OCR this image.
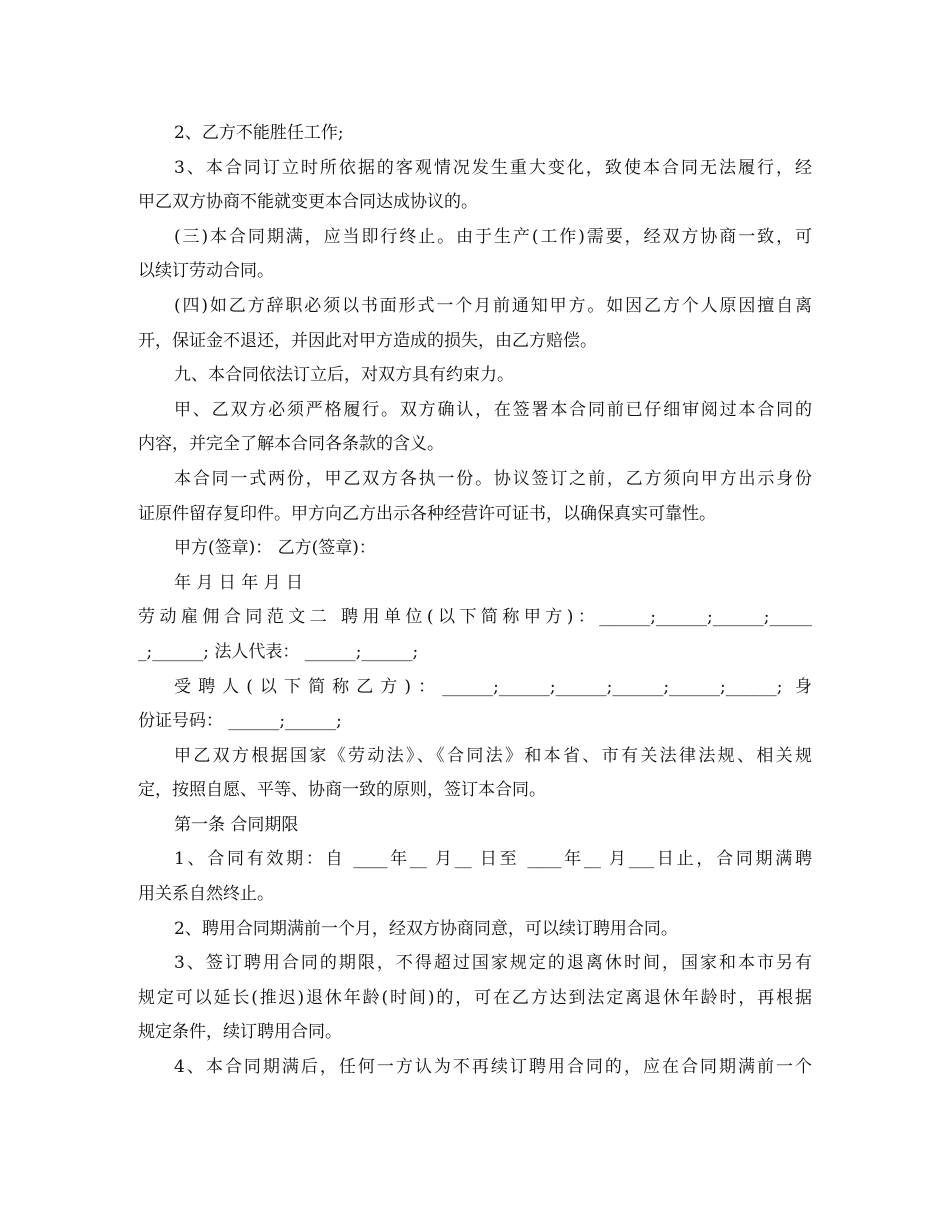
2、乙方不能胜任工作;
3、本合同订立时所依据的客观情况发生重大变化，致使本合同无法履行，经
甲乙双方协商不能就变更本合同达成协议的。
(三)本合同期满，应当即行终止。由于生产(工作)需要，经双方协商一致，可
以续订劳动合同。
(四)如乙方辞职必须以书面形式一个月前通知甲方。如因乙方个人原因擅自离
开，保证金不退还，并因此对甲方造成的损失，由乙方赔偿。
九、本合同依法订立后，对双方具有约束力。
甲、乙双方必须严格履行。双方确认，在签署本合同前已仔细审阅过本合同的
内容，并完全了解本合同各条款的含义。
本合同一式两份，甲乙双方各执一份。协议签订之前，乙方须向甲方出示身份
证原件留存复印件。甲方向乙方出示各种经营许可证书，以确保真实可靠性。
甲方(签章)： 乙方(签章)：
年 月 日 年 月 日
劳动雇佣合同范文二 聘用单位(以下简称甲方)：______;______;______;_____
_;______; 法人代表： ______;______;
受聘人(以下简称乙方)：______;______;______;______;______;______; 身
份证号码： ______;______;
甲乙双方根据国家《劳动法》、《合同法》和本省、市有关法律法规、相关规
定，按照自愿、平等、协商一致的原则，签订本合同。
第一条 合同期限
1、合同有效期：自 ____年__ 月__ 日至 ____年__ 月___日止，合同期满聘
用关系自然终止。
2、聘用合同期满前一个月，经双方协商同意，可以续订聘用合同。
3、签订聘用合同的期限，不得超过国家规定的退离休时间，国家和本市另有
规定可以延长(推迟)退休年龄(时间)的，可在乙方达到法定离退休年龄时，再根据
规定条件，续订聘用合同。
4、本合同期满后，任何一方认为不再续订聘用合同的，应在合同期满前一个
